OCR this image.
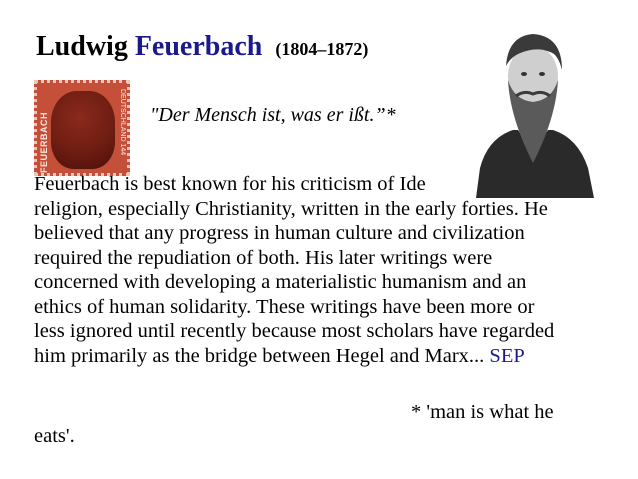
Ludwig Feuerbach (1804–1872)
FEUERBACH	DEUTSCHLAND 144 "Der Mensch ist, was er ißt.”*

Feuerbach is best known for his criticism of Ide
religion, especially Christianity, written in the early forties. He
believed that any progress in human culture and civilization
required the repudiation of both. His later writings were
concerned with developing a materialistic humanism and an
ethics of human solidarity. These writings have been more or
less ignored until recently because most scholars have regarded
him primarily as the bridge between Hegel and Marx... SEP

* 'man is what he
eats'.
